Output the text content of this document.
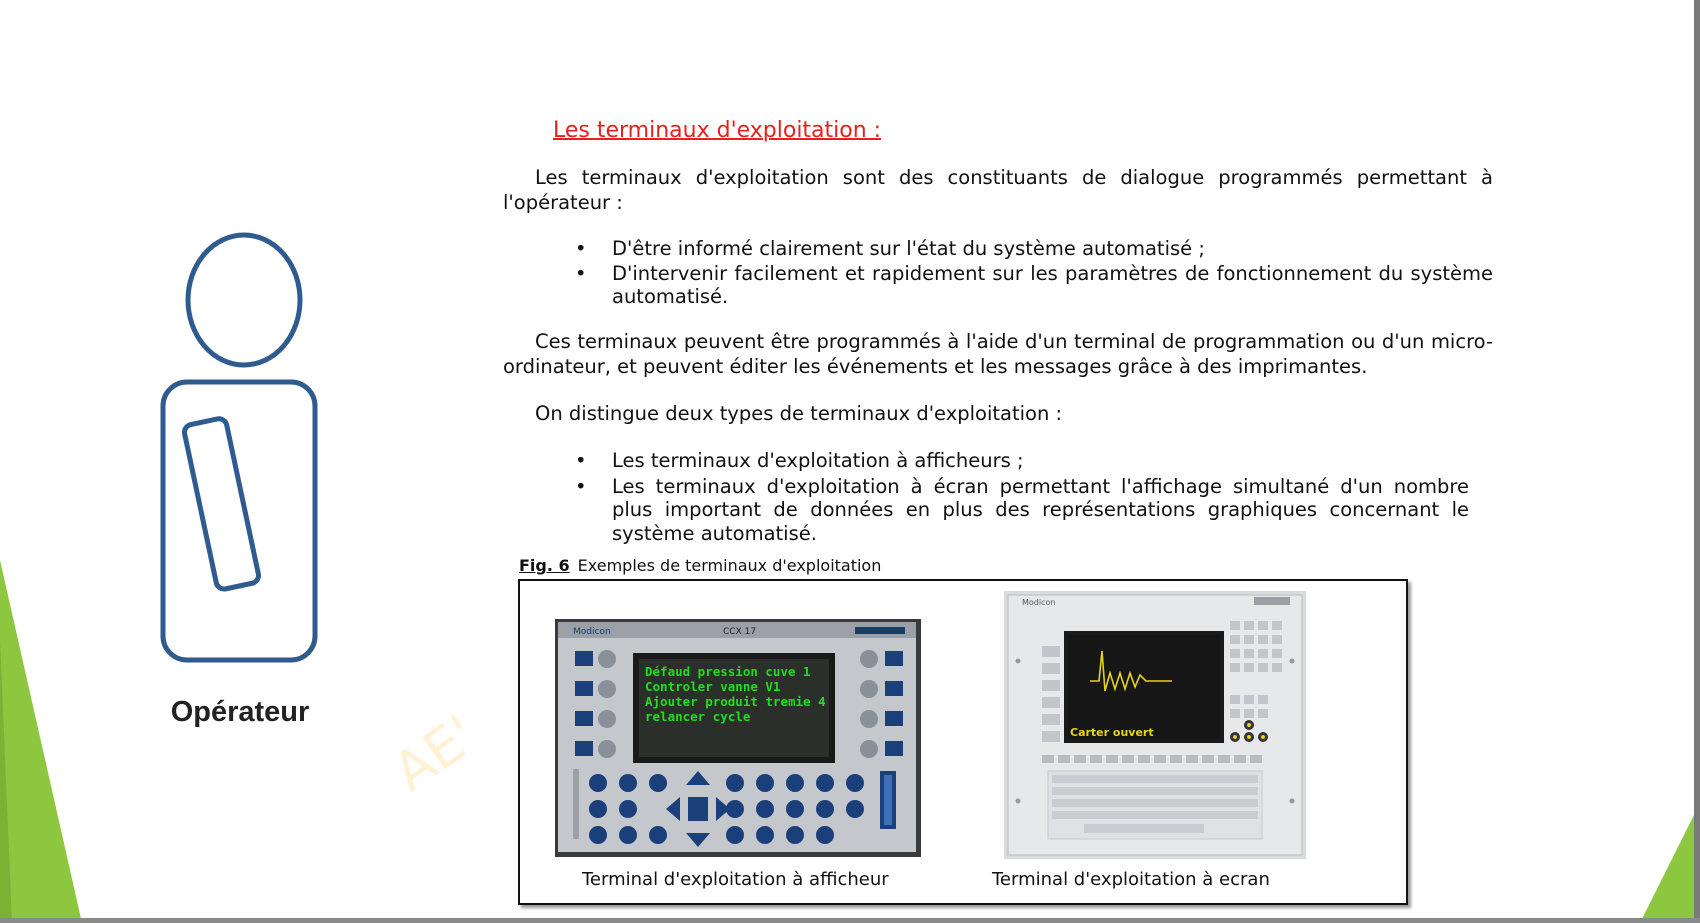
Opérateur	AE'
Les terminaux d'exploitation :
Les terminaux d'exploitation sont des constituants de dialogue programmés permettant à l'opérateur :
• D'être informé clairement sur l'état du système automatisé ;
• D'intervenir facilement et rapidement sur les paramètres de fonctionnement du système automatisé.
Ces terminaux peuvent être programmés à l'aide d'un terminal de programmation ou d'un micro-ordinateur, et peuvent éditer les événements et les messages grâce à des imprimantes.
On distingue deux types de terminaux d'exploitation :
• Les terminaux d'exploitation à afficheurs ;
• Les terminaux d'exploitation à écran permettant l'affichage simultané d'un nombre plus important de données en plus des représentations graphiques concernant le système automatisé.
Fig. 6 Exemples de terminaux d'exploitation
Modicon	CCX 17
Défaud pression cuve 1
Controler vanne V1
Ajouter produit tremie 4
relancer cycle
Terminal d'exploitation à afficheur
Modicon
Carter ouvert
Terminal d'exploitation à ecran
